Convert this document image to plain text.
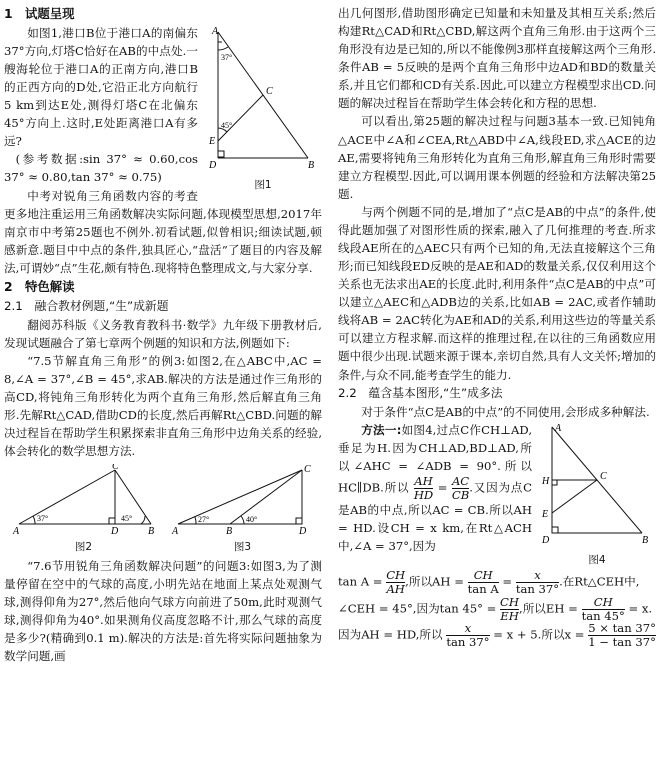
1　试题呈现
A
C
E
D	B
37°
45°
图1

如图1,港口B位于港口A的南偏东37°方向,灯塔C恰好在AB的中点处.一艘海轮位于港口A的正南方向,港口B的正西方向的D处,它沿正北方向航行5 km到达E处,测得灯塔C在北偏东45°方向上.这时,E处距离港口A有多远?

(参考数据:sin 37° ≈ 0.60,cos 37° ≈ 0.80,tan 37° ≈ 0.75)

中考对锐角三角函数内容的考查更多地注重运用三角函数解决实际问题,体现模型思想,2017年南京市中考第25题也不例外.初看试题,似曾相识;细读试题,顿感新意.题目中中点的条件,独具匠心,“盘活”了题目的内容及解法,可谓妙“点”生花,颇有特色.现将特色整理成文,与大家分享.

2　特色解读
2.1　融合教材例题,“生”成新题

翻阅苏科版《义务教育教科书·数学》九年级下册教材后,发现试题融合了第七章两个例题的知识和方法,例题如下:

“7.5节解直角三角形”的例3:如图2,在△ABC中,AC = 8,∠A = 37°,∠B = 45°,求AB.解决的方法是通过作三角形的高CD,将钝角三角形转化为两个直角三角形,然后解直角三角形.先解Rt△CAD,借助CD的长度,然后再解Rt△CBD.问题的解决过程旨在帮助学生积累探索非直角三角形中边角关系的经验,体会转化的数学思想方法.

C
A	D	B
37°	45°
图2
C
A	B	D
27°	40°
图3

“7.6节用锐角三角函数解决问题”的问题3:如图3,为了测量停留在空中的气球的高度,小明先站在地面上某点处观测气球,测得仰角为27°,然后他向气球方向前进了50m,此时观测气球,测得仰角为40°.如果测角仪高度忽略不计,那么气球的高度是多少?(精确到0.1 m).解决的方法是:首先将实际问题抽象为数学问题,画

出几何图形,借助图形确定已知量和未知量及其相互关系;然后构建Rt△CAD和Rt△CBD,解这两个直角三角形.由于这两个三角形没有边是已知的,所以不能像例3那样直接解这两个三角形.条件AB = 5反映的是两个直角三角形中边AD和BD的数量关系,并且它们都和CD有关系.因此,可以建立方程模型求出CD.问题的解决过程旨在帮助学生体会转化和方程的思想.

可以看出,第25题的解决过程与问题3基本一致.已知钝角△ACE中∠A和∠CEA,Rt△ABD中∠A,线段ED,求△ACE的边AE,需要将钝角三角形转化为直角三角形,解直角三角形时需要建立方程模型.因此,可以调用课本例题的经验和方法解决第25题.

与两个例题不同的是,增加了“点C是AB的中点”的条件,使得此题加强了对图形性质的探索,融入了几何推理的考查.所求线段AE所在的△AEC只有两个已知的角,无法直接解这个三角形;而已知线段ED反映的是AE和AD的数量关系,仅仅利用这个关系也无法求出AE的长度.此时,利用条件“点C是AB的中点”可以建立△AEC和△ADB边的关系,比如AB = 2AC,或者作辅助线将AB = 2AC转化为AE和AD的关系,利用这些边的等量关系可以建立方程求解.而这样的推理过程,在以往的三角函数应用题中很少出现.试题来源于课本,亲切自然,具有人文关怀;增加的条件,与众不同,能考查学生的能力.

2.2　蕴含基本图形,“生”成多法

对于条件“点C是AB的中点”的不同使用,会形成多种解法.

A
H	C
E
D	B
图4

方法一:如图4,过点C作CH⊥AD,垂足为H.因为CH⊥AD,BD⊥AD,所以∠AHC = ∠ADB = 90°.所以HC∥DB.所以 $\frac{AH}{HD} = \frac{AC}{CB}$ .又因为点C是AB的中点,所以AC = CB.所以AH = HD.设CH = x km,在Rt△ACH中,∠A = 37°,因为

$\tan A = \frac{CH}{AH}$ ,所以AH = $\frac{CH}{\text{tan A}} = \frac{x}{\tan 37^\circ}$ .在Rt△CEH中,

∠CEH = 45°,因为$\tan 45^\circ = \frac{CH}{EH}$ ,所以EH = $\frac{CH}{\tan 45^\circ} = x$.

因为AH = HD,所以 $\frac{x}{\tan 37^\circ} = x + 5$.所以$x = \frac{5 \times \tan 37^\circ}{1 - \tan 37^\circ}$
